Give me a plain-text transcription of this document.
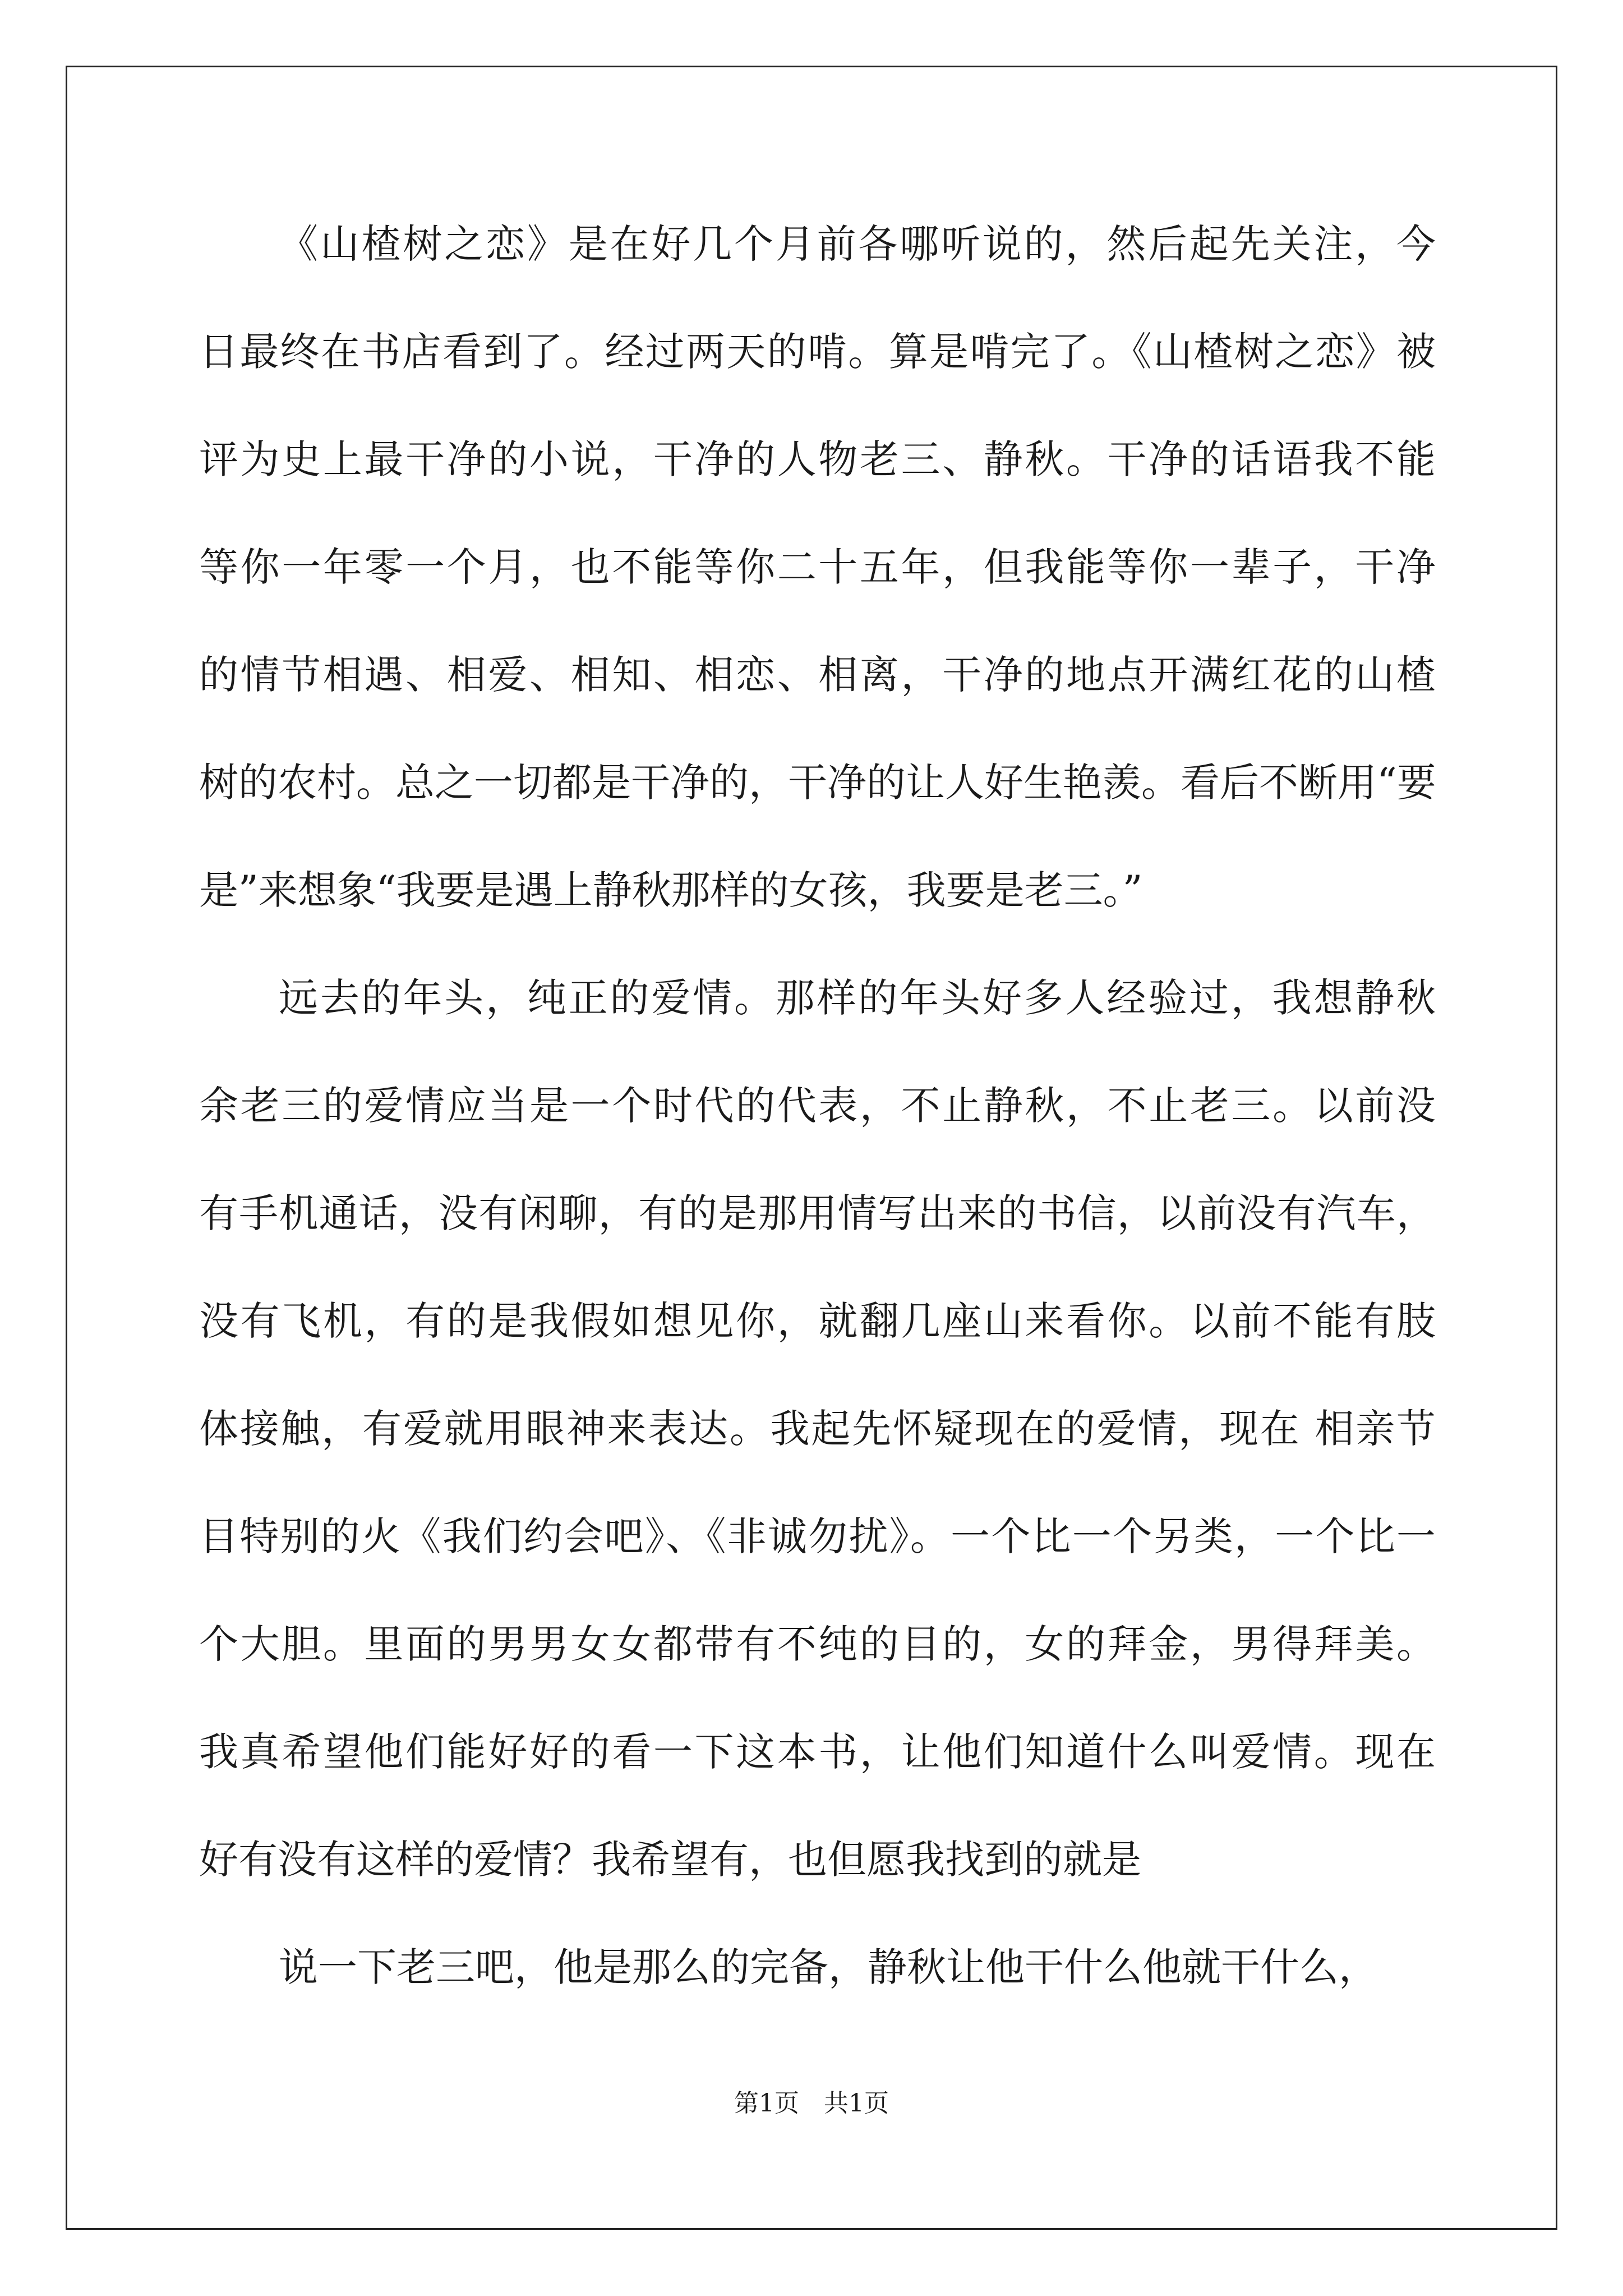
《山楂树之恋》是在好几个月前各哪听说的，然后起先关注，今

日最终在书店看到了。经过两天的啃。算是啃完了。《山楂树之恋》被

评为史上最干净的小说，干净的人物老三、静秋。干净的话语我不能

等你一年零一个月，也不能等你二十五年，但我能等你一辈子，干净

的情节相遇、相爱、相知、相恋、相离，干净的地点开满红花的山楂

树的农村。总之一切都是干净的，干净的让人好生艳羡。看后不断用“要

是”来想象“我要是遇上静秋那样的女孩，我要是老三。”

远去的年头，纯正的爱情。那样的年头好多人经验过，我想静秋

余老三的爱情应当是一个时代的代表，不止静秋，不止老三。以前没

有手机通话，没有闲聊，有的是那用情写出来的书信，以前没有汽车，

没有飞机，有的是我假如想见你，就翻几座山来看你。以前不能有肢

体接触，有爱就用眼神来表达。我起先怀疑现在的爱情，现在 相亲节

目特别的火《我们约会吧》、《非诚勿扰》。一个比一个另类，一个比一

个大胆。里面的男男女女都带有不纯的目的，女的拜金，男得拜美。

我真希望他们能好好的看一下这本书，让他们知道什么叫爱情。现在

好有没有这样的爱情？我希望有，也但愿我找到的就是

说一下老三吧，他是那么的完备，静秋让他干什么他就干什么，

第1页　共1页
